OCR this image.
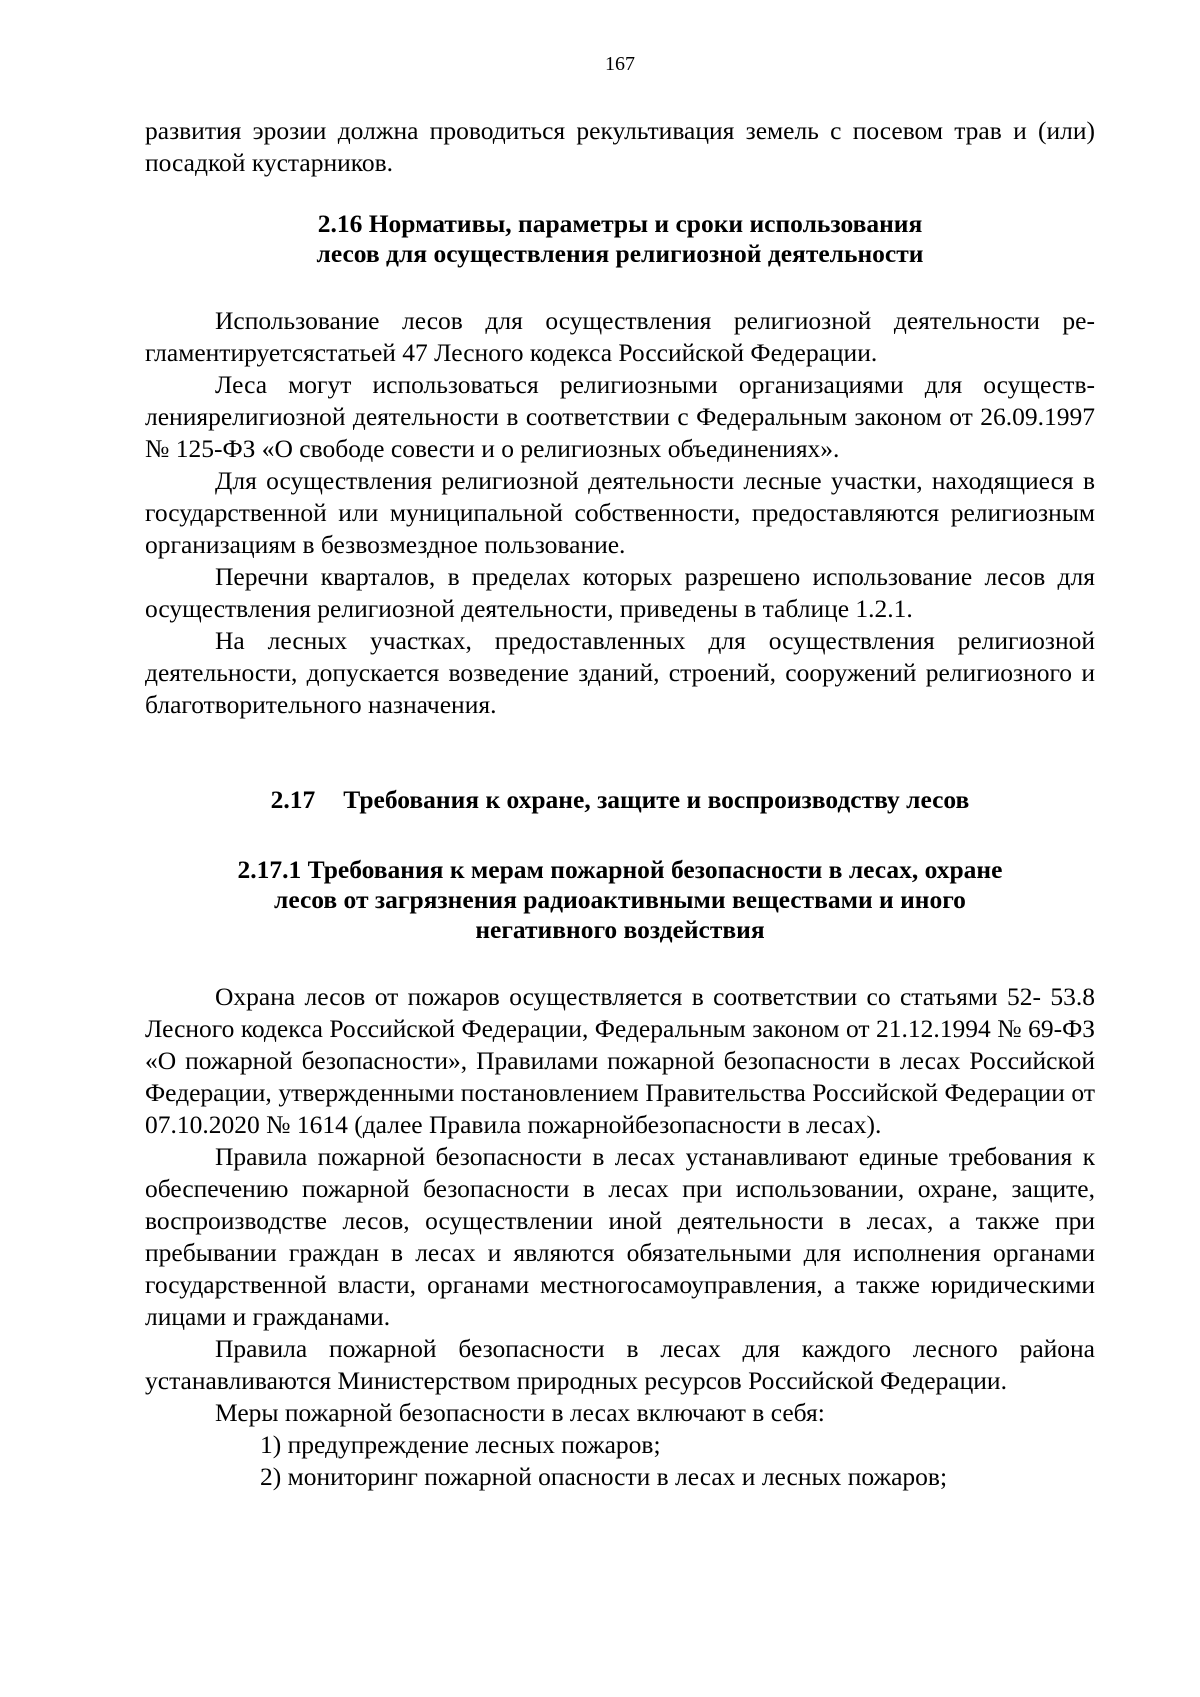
167

развития эрозии должна проводиться рекультивация земель с посевом трав и (или) посадкой кустарников.

2.16 Нормативы, параметры и сроки использования
лесов для осуществления религиозной деятельности

Использование лесов для осуществления религиозной деятельности регламентируетсястатьей 47 Лесного кодекса Российской Федерации.

Леса могут использоваться религиозными организациями для осуществлениярелигиозной деятельности в соответствии с Федеральным законом от 26.09.1997 № 125-ФЗ «О свободе совести и о религиозных объединениях».

Для осуществления религиозной деятельности лесные участки, находящиеся в государственной или муниципальной собственности, предоставляются религиозным организациям в безвозмездное пользование.

Перечни кварталов, в пределах которых разрешено использование лесов для осуществления религиозной деятельности, приведены в таблице 1.2.1.

На лесных участках, предоставленных для осуществления религиозной деятельности, допускается возведение зданий, строений, сооружений религиозного и благотворительного назначения.

2.17 Требования к охране, защите и воспроизводству лесов
2.17.1 Требования к мерам пожарной безопасности в лесах, охране
лесов от загрязнения радиоактивными веществами и иного
негативного воздействия

Охрана лесов от пожаров осуществляется в соответствии со статьями 52- 53.8 Лесного кодекса Российской Федерации, Федеральным законом от 21.12.1994 № 69-ФЗ «О пожарной безопасности», Правилами пожарной безопасности в лесах Российской Федерации, утвержденными постановлением Правительства Российской Федерации от 07.10.2020 № 1614 (далее Правила пожарнойбезопасности в лесах).

Правила пожарной безопасности в лесах устанавливают единые требования к обеспечению пожарной безопасности в лесах при использовании, охране, защите, воспроизводстве лесов, осуществлении иной деятельности в лесах, а также при пребывании граждан в лесах и являются обязательными для исполнения органами государственной власти, органами местногосамоуправления, а также юридическими лицами и гражданами.

Правила пожарной безопасности в лесах для каждого лесного района устанавливаются Министерством природных ресурсов Российской Федерации.

Меры пожарной безопасности в лесах включают в себя:

1) предупреждение лесных пожаров;

2) мониторинг пожарной опасности в лесах и лесных пожаров;
